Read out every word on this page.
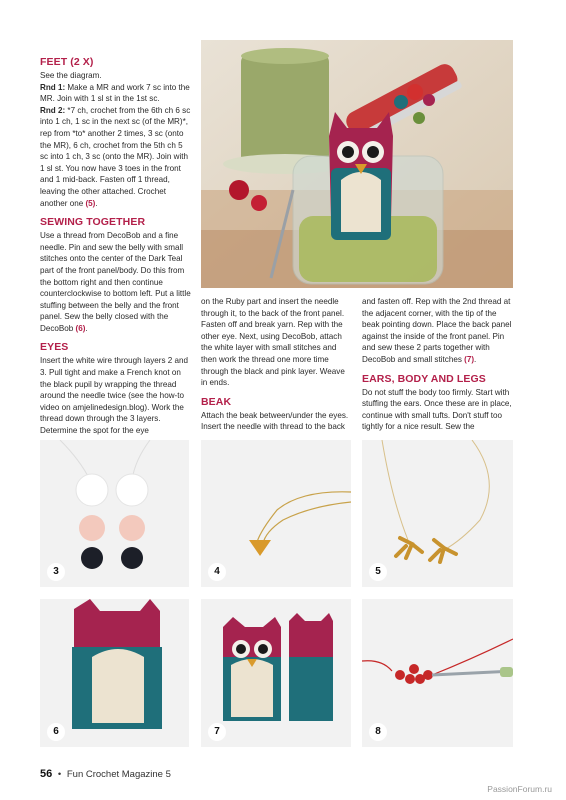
FEET (2 X)

See the diagram.

Rnd 1: Make a MR and work 7 sc into the MR. Join with 1 sl st in the 1st sc.

Rnd 2: *7 ch, crochet from the 6th ch 6 sc into 1 ch, 1 sc in the next sc (of the MR)*, rep from *to* another 2 times, 3 sc (onto the MR), 6 ch, crochet from the 5th ch 5 sc into 1 ch, 3 sc (onto the MR). Join with 1 sl st. You now have 3 toes in the front and 1 mid-back. Fasten off 1 thread, leaving the other attached. Crochet another one (5).

SEWING TOGETHER

Use a thread from DecoBob and a fine needle. Pin and sew the belly with small stitches onto the center of the Dark Teal part of the front panel/body. Do this from the bottom right and then continue counterclockwise to bottom left. Put a little stuffing between the belly and the front panel. Sew the belly closed with the DecoBob (6).

EYES

Insert the white wire through layers 2 and 3. Pull tight and make a French knot on the black pupil by wrapping the thread around the needle twice (see the how-to video on amjelinedesign.blog). Work the thread down through the 3 layers. Determine the spot for the eye

on the Ruby part and insert the needle through it, to the back of the front panel. Fasten off and break yarn. Rep with the other eye. Next, using DecoBob, attach the white layer with small stitches and then work the thread one more time through the black and pink layer. Weave in ends.

BEAK

Attach the beak between/under the eyes. Insert the needle with thread to the back

and fasten off. Rep with the 2nd thread at the adjacent corner, with the tip of the beak pointing down. Place the back panel against the inside of the front panel. Pin and sew these 2 parts together with DecoBob and small stitches (7).

EARS, BODY AND LEGS

Do not stuff the body too firmly. Start with stuffing the ears. Once these are in place, continue with small tufts. Don't stuff too tightly for a nice result. Sew the

3	4	5
6	7	8
56 • Fun Crochet Magazine 5
PassionForum.ru
